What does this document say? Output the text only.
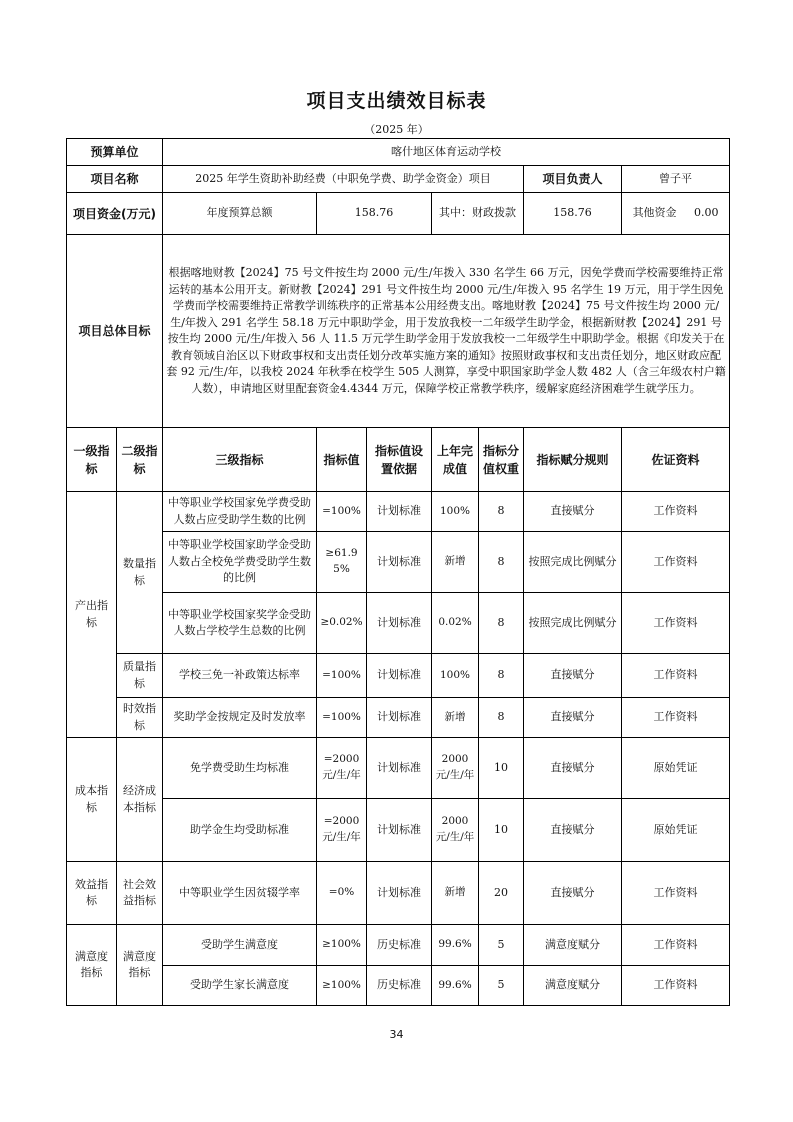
项目支出绩效目标表
（2025 年）
预算单位		喀什地区体育运动学校						
项目名称		2025 年学生资助补助经费（中职免学费、助学金资金）项目					项目负责人	曾子平
项目资金(万元)		年度预算总额	158.76		其中：财政拨款		158.76	其他资金 0.00
项目总体目标		根据喀地财教【2024】75 号文件按生均 2000 元/生/年拨入 330 名学生 66 万元，因免学费而学校需要维持正常运转的基本公用开支。新财教【2024】291 号文件按生均 2000 元/生/年拨入 95 名学生 19 万元，用于学生因免学费而学校需要维持正常教学训练秩序的正常基本公用经费支出。喀地财教【2024】75 号文件按生均 2000 元/生/年拨入 291 名学生 58.18 万元中职助学金，用于发放我校一二年级学生助学金，根据新财教【2024】291 号按生均 2000 元/生/年拨入 56 人 11.5 万元学生助学金用于发放我校一二年级学生中职助学金。根据《印发关于在教育领域自治区以下财政事权和支出责任划分改革实施方案的通知》按照财政事权和支出责任划分，地区财政应配套 92 元/生/年，以我校 2024 年秋季在校学生 505 人测算，享受中职国家助学金人数 482 人（含三年级农村户籍人数），申请地区财里配套资金4.4344 万元，保障学校正常教学秩序，缓解家庭经济困难学生就学压力。						
一级指标	二级指标	三级指标	指标值	指标值设置依据	上年完成值	指标分值权重	指标赋分规则	佐证资料
产出指标	数量指标	中等职业学校国家免学费受助人数占应受助学生数的比例	=100%	计划标准	100%	8	直接赋分	工作资料
		中等职业学校国家助学金受助人数占全校免学费受助学生数的比例	≥61.95%	计划标准	新增	8	按照完成比例赋分	工作资料
		中等职业学校国家奖学金受助人数占学校学生总数的比例	≥0.02%	计划标准	0.02%	8	按照完成比例赋分	工作资料
	质量指标	学校三免一补政策达标率	=100%	计划标准	100%	8	直接赋分	工作资料
	时效指标	奖助学金按规定及时发放率	=100%	计划标准	新增	8	直接赋分	工作资料
成本指标	经济成本指标	免学费受助生均标准	=2000元/生/年	计划标准	2000元/生/年	10	直接赋分	原始凭证
		助学金生均受助标准	=2000元/生/年	计划标准	2000元/生/年	10	直接赋分	原始凭证
效益指标	社会效益指标	中等职业学生因贫辍学率	=0%	计划标准	新增	20	直接赋分	工作资料
满意度指标	满意度指标	受助学生满意度	≥100%	历史标准	99.6%	5	满意度赋分	工作资料
		受助学生家长满意度	≥100%	历史标准	99.6%	5	满意度赋分	工作资料
34
